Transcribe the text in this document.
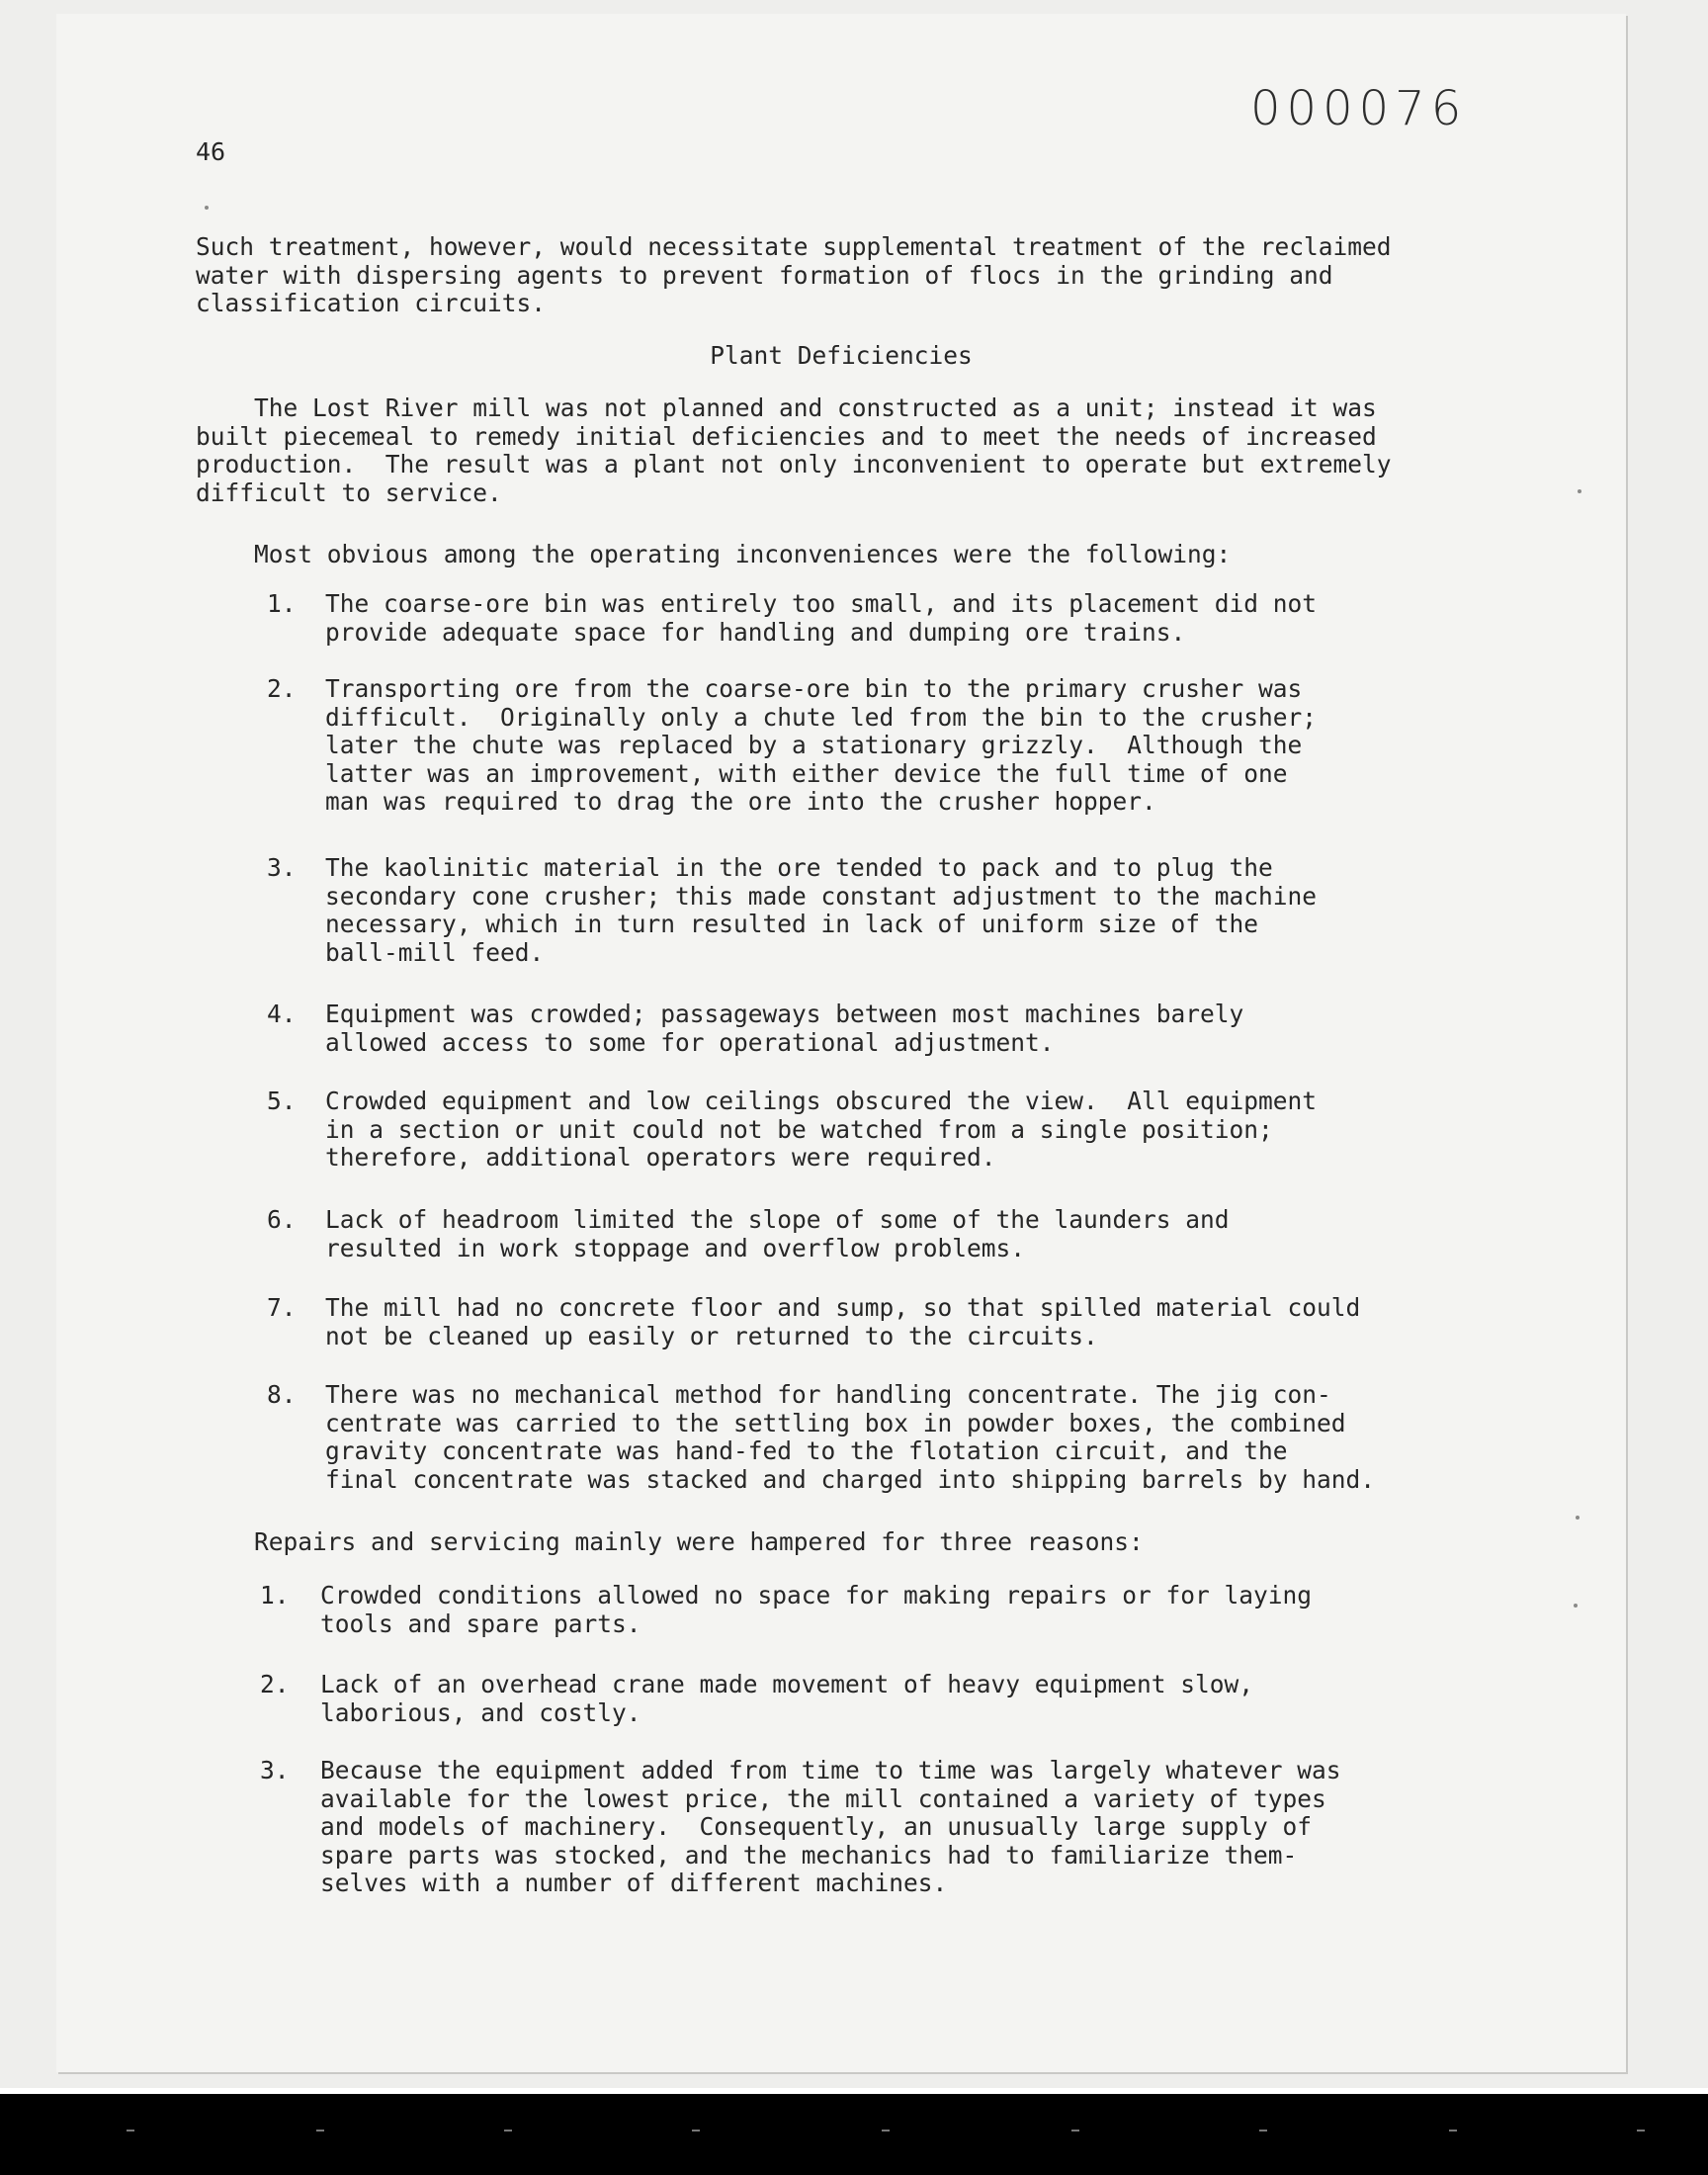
000076
46
Such treatment, however, would necessitate supplemental treatment of the reclaimed
water with dispersing agents to prevent formation of flocs in the grinding and
classification circuits.
Plant Deficiencies
The Lost River mill was not planned and constructed as a unit; instead it was
built piecemeal to remedy initial deficiencies and to meet the needs of increased
production.  The result was a plant not only inconvenient to operate but extremely
difficult to service.
Most obvious among the operating inconveniences were the following:
1. The coarse-ore bin was entirely too small, and its placement did not
provide adequate space for handling and dumping ore trains.
2. Transporting ore from the coarse-ore bin to the primary crusher was
difficult.  Originally only a chute led from the bin to the crusher;
later the chute was replaced by a stationary grizzly.  Although the
latter was an improvement, with either device the full time of one
man was required to drag the ore into the crusher hopper.
3. The kaolinitic material in the ore tended to pack and to plug the
secondary cone crusher; this made constant adjustment to the machine
necessary, which in turn resulted in lack of uniform size of the
ball-mill feed.
4. Equipment was crowded; passageways between most machines barely
allowed access to some for operational adjustment.
5. Crowded equipment and low ceilings obscured the view.  All equipment
in a section or unit could not be watched from a single position;
therefore, additional operators were required.
6. Lack of headroom limited the slope of some of the launders and
resulted in work stoppage and overflow problems.
7. The mill had no concrete floor and sump, so that spilled material could
not be cleaned up easily or returned to the circuits.
8. There was no mechanical method for handling concentrate. The jig con-
centrate was carried to the settling box in powder boxes, the combined
gravity concentrate was hand-fed to the flotation circuit, and the
final concentrate was stacked and charged into shipping barrels by hand.
Repairs and servicing mainly were hampered for three reasons:
1. Crowded conditions allowed no space for making repairs or for laying
tools and spare parts.
2. Lack of an overhead crane made movement of heavy equipment slow,
laborious, and costly.
3. Because the equipment added from time to time was largely whatever was
available for the lowest price, the mill contained a variety of types
and models of machinery.  Consequently, an unusually large supply of
spare parts was stocked, and the mechanics had to familiarize them-
selves with a number of different machines.
